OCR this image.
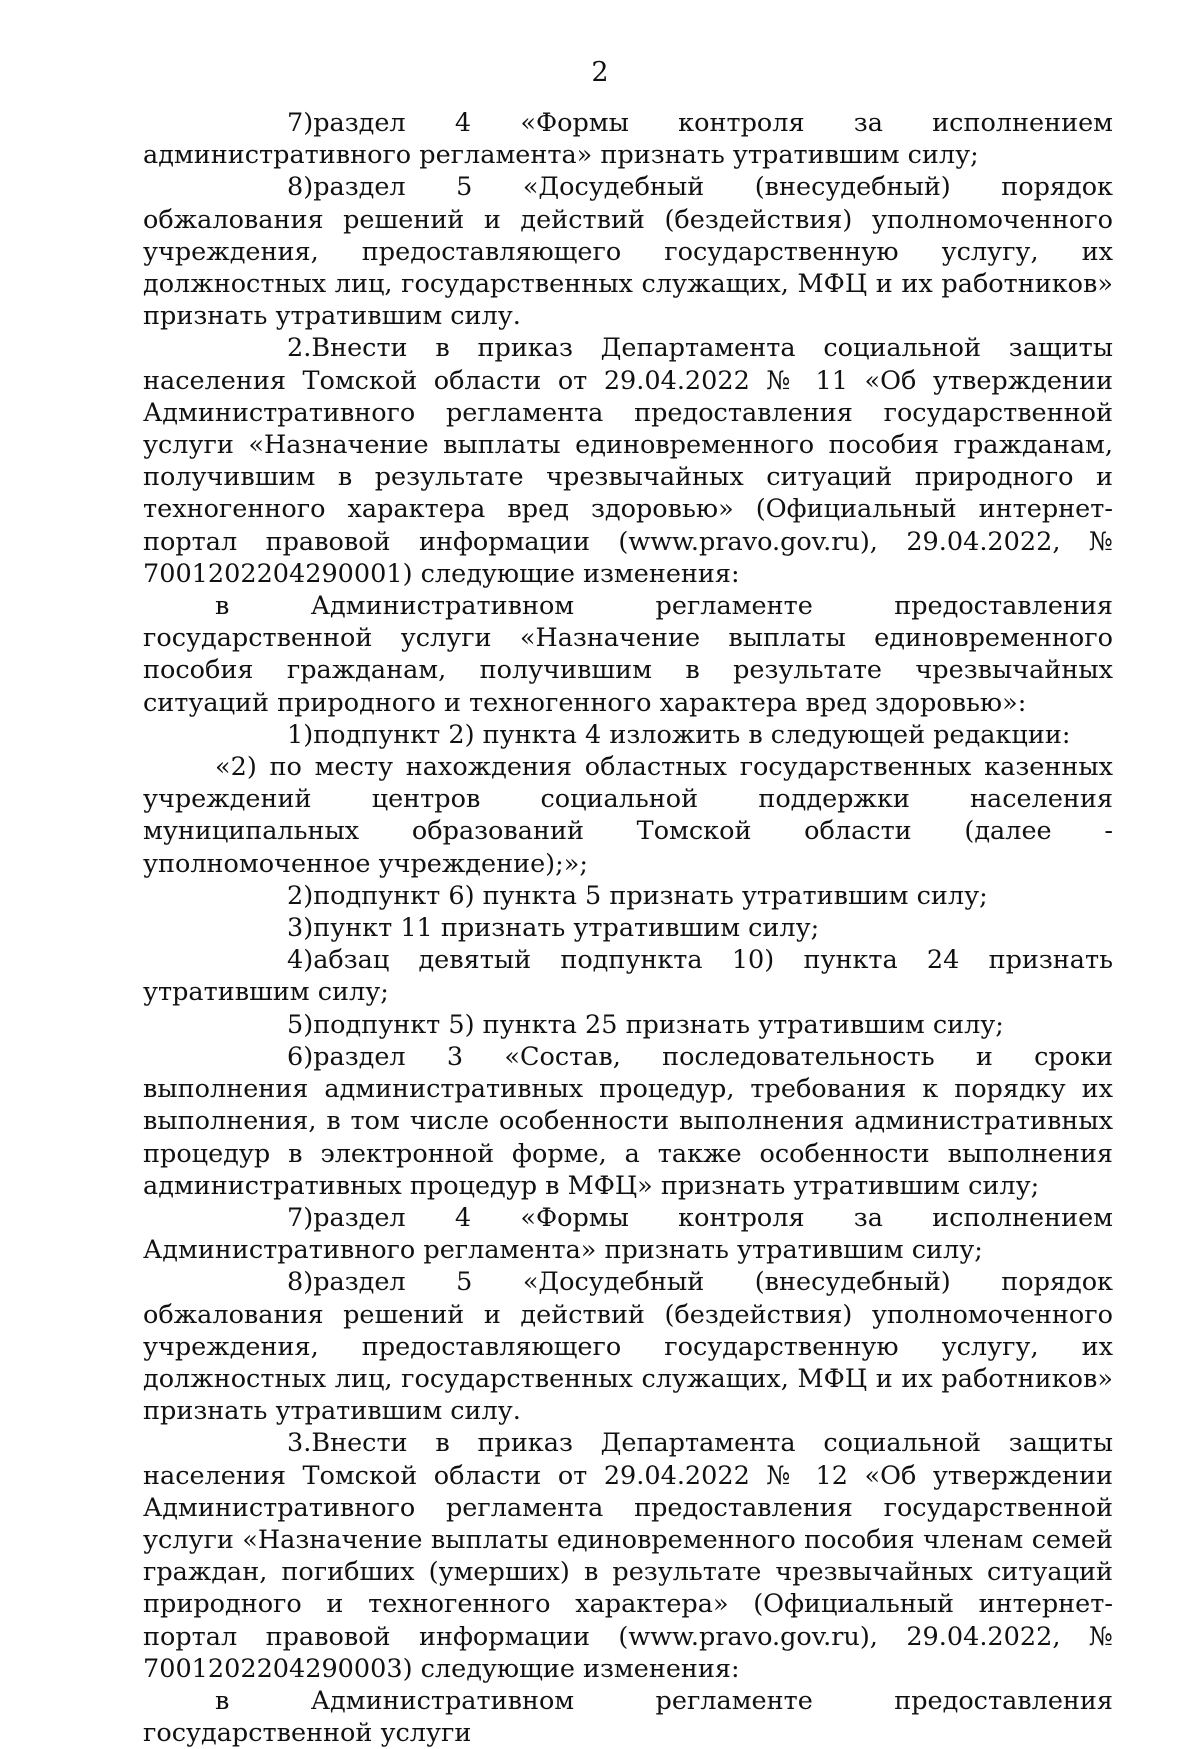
2

7)раздел 4 «Формы контроля за исполнением административного регламента» признать утратившим силу;

8)раздел 5 «Досудебный (внесудебный) порядок обжалования решений и действий (бездействия) уполномоченного учреждения, предоставляющего государственную услугу, их должностных лиц, государственных служащих, МФЦ и их работников» признать утратившим силу.

2.Внести в приказ Департамента социальной защиты населения Томской области от 29.04.2022 № 11 «Об утверждении Административного регламента предоставления государственной услуги «Назначение выплаты единовременного пособия гражданам, получившим в результате чрезвычайных ситуаций природного и техногенного характера вред здоровью» (Официальный интернет-портал правовой информации (www.pravo.gov.ru), 29.04.2022, № 7001202204290001) следующие изменения:

в Административном регламенте предоставления государственной услуги «Назначение выплаты единовременного пособия гражданам, получившим в результате чрезвычайных ситуаций природного и техногенного характера вред здоровью»:

1)подпункт 2) пункта 4 изложить в следующей редакции:

«2) по месту нахождения областных государственных казенных учреждений центров социальной поддержки населения муниципальных образований Томской области (далее - уполномоченное учреждение);»;

2)подпункт 6) пункта 5 признать утратившим силу;

3)пункт 11 признать утратившим силу;

4)абзац девятый подпункта 10) пункта 24 признать утратившим силу;

5)подпункт 5) пункта 25 признать утратившим силу;

6)раздел 3 «Состав, последовательность и сроки выполнения административных процедур, требования к порядку их выполнения, в том числе особенности выполнения административных процедур в электронной форме, а также особенности выполнения административных процедур в МФЦ» признать утратившим силу;

7)раздел 4 «Формы контроля за исполнением Административного регламента» признать утратившим силу;

8)раздел 5 «Досудебный (внесудебный) порядок обжалования решений и действий (бездействия) уполномоченного учреждения, предоставляющего государственную услугу, их должностных лиц, государственных служащих, МФЦ и их работников» признать утратившим силу.

3.Внести в приказ Департамента социальной защиты населения Томской области от 29.04.2022 № 12 «Об утверждении Административного регламента предоставления государственной услуги «Назначение выплаты единовременного пособия членам семей граждан, погибших (умерших) в результате чрезвычайных ситуаций природного и техногенного характера» (Официальный интернет-портал правовой информации (www.pravo.gov.ru), 29.04.2022, № 7001202204290003) следующие изменения:

в Административном регламенте предоставления государственной услуги
